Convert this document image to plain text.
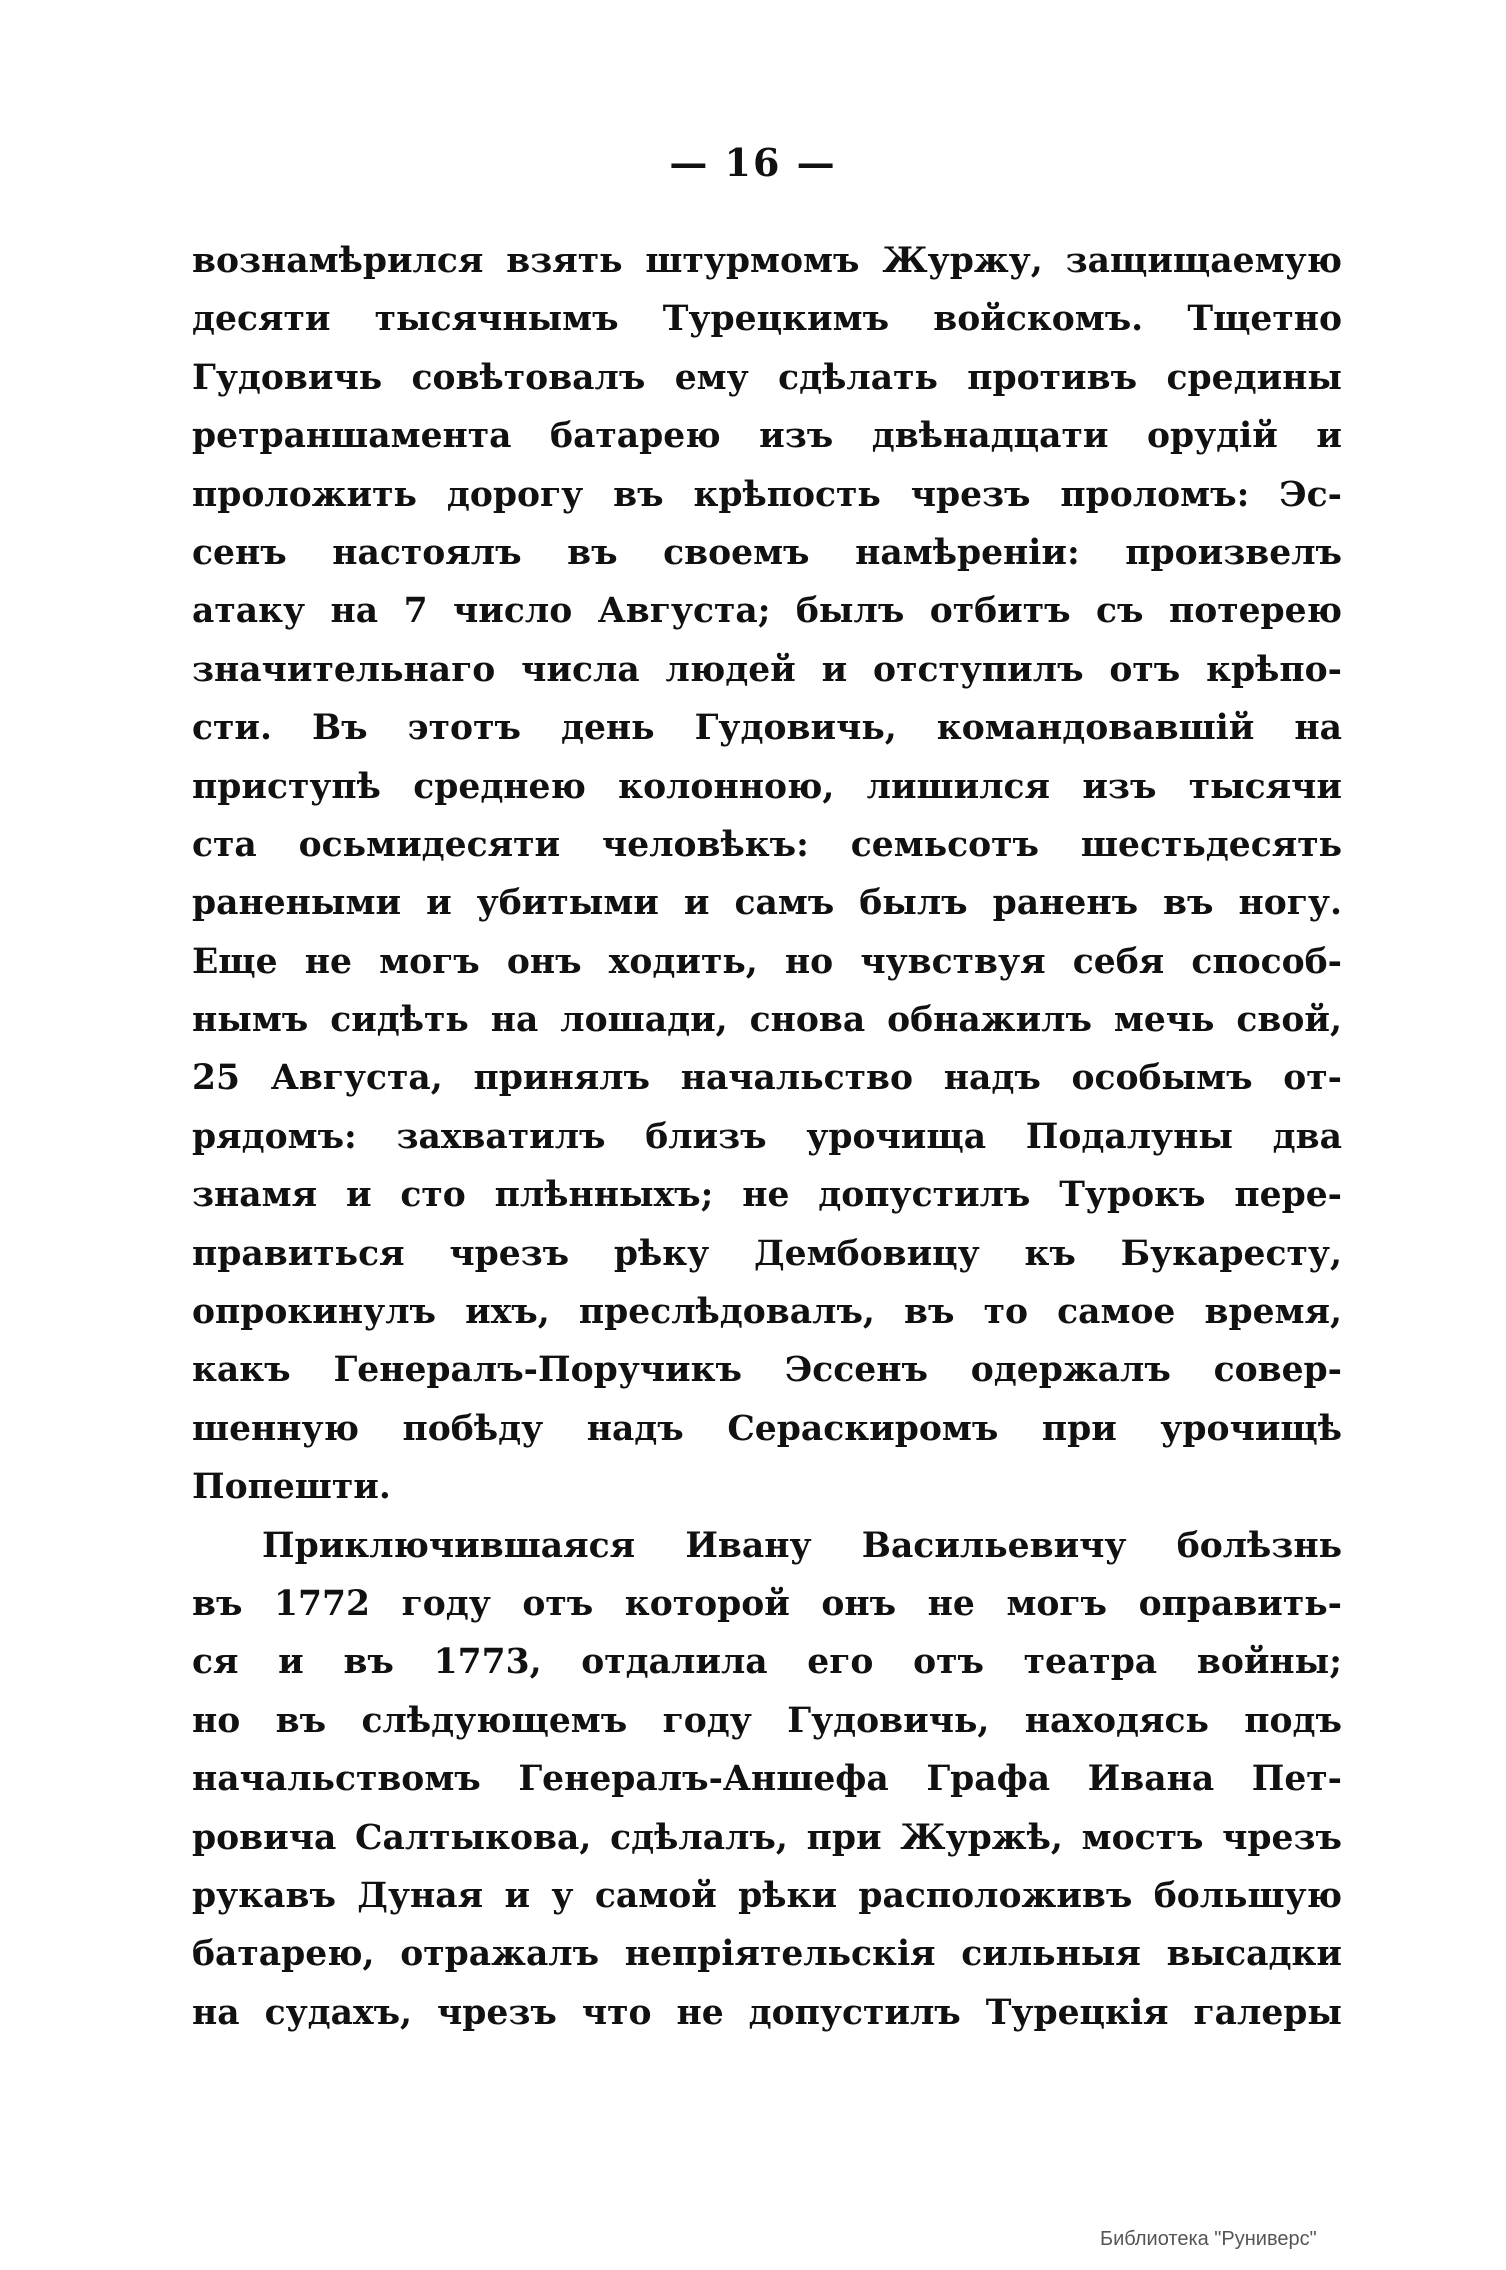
— 16 —
вознамѣрился взять штурмомъ Журжу, защищаемую
десяти тысячнымъ Турецкимъ войскомъ. Тщетно
Гудовичь совѣтовалъ ему сдѣлать противъ средины
ретраншамента батарею изъ двѣнадцати орудій и
проложить дорогу въ крѣпость чрезъ проломъ: Эс-
сенъ настоялъ въ своемъ намѣреніи: произвелъ
атаку на 7 число Августа; былъ отбитъ съ потерею
значительнаго числа людей и отступилъ отъ крѣпо-
сти. Въ этотъ день Гудовичь, командовавшій на
приступѣ среднею колонною, лишился изъ тысячи
ста осьмидесяти человѣкъ: семьсотъ шестьдесять
ранеными и убитыми и самъ былъ раненъ въ ногу.
Еще не могъ онъ ходить, но чувствуя себя способ-
нымъ сидѣть на лошади, снова обнажилъ мечь свой,
25 Августа, принялъ начальство надъ особымъ от-
рядомъ: захватилъ близъ урочища Подалуны два
знамя и сто плѣнныхъ; не допустилъ Турокъ пере-
правиться чрезъ рѣку Дембовицу къ Букаресту,
опрокинулъ ихъ, преслѣдовалъ, въ то самое время,
какъ Генералъ-Поручикъ Эссенъ одержалъ совер-
шенную побѣду надъ Сераскиромъ при урочищѣ
Попешти.
Приключившаяся Ивану Васильевичу болѣзнь
въ 1772 году отъ которой онъ не могъ оправить-
ся и въ 1773, отдалила его отъ театра войны;
но въ слѣдующемъ году Гудовичь, находясь подъ
начальствомъ Генералъ-Аншефа Графа Ивана Пет-
ровича Салтыкова, сдѣлалъ, при Журжѣ, мостъ чрезъ
рукавъ Дуная и у самой рѣки расположивъ большую
батарею, отражалъ непріятельскія сильныя высадки
на судахъ, чрезъ что не допустилъ Турецкія галеры
Библиотека "Руниверс"
